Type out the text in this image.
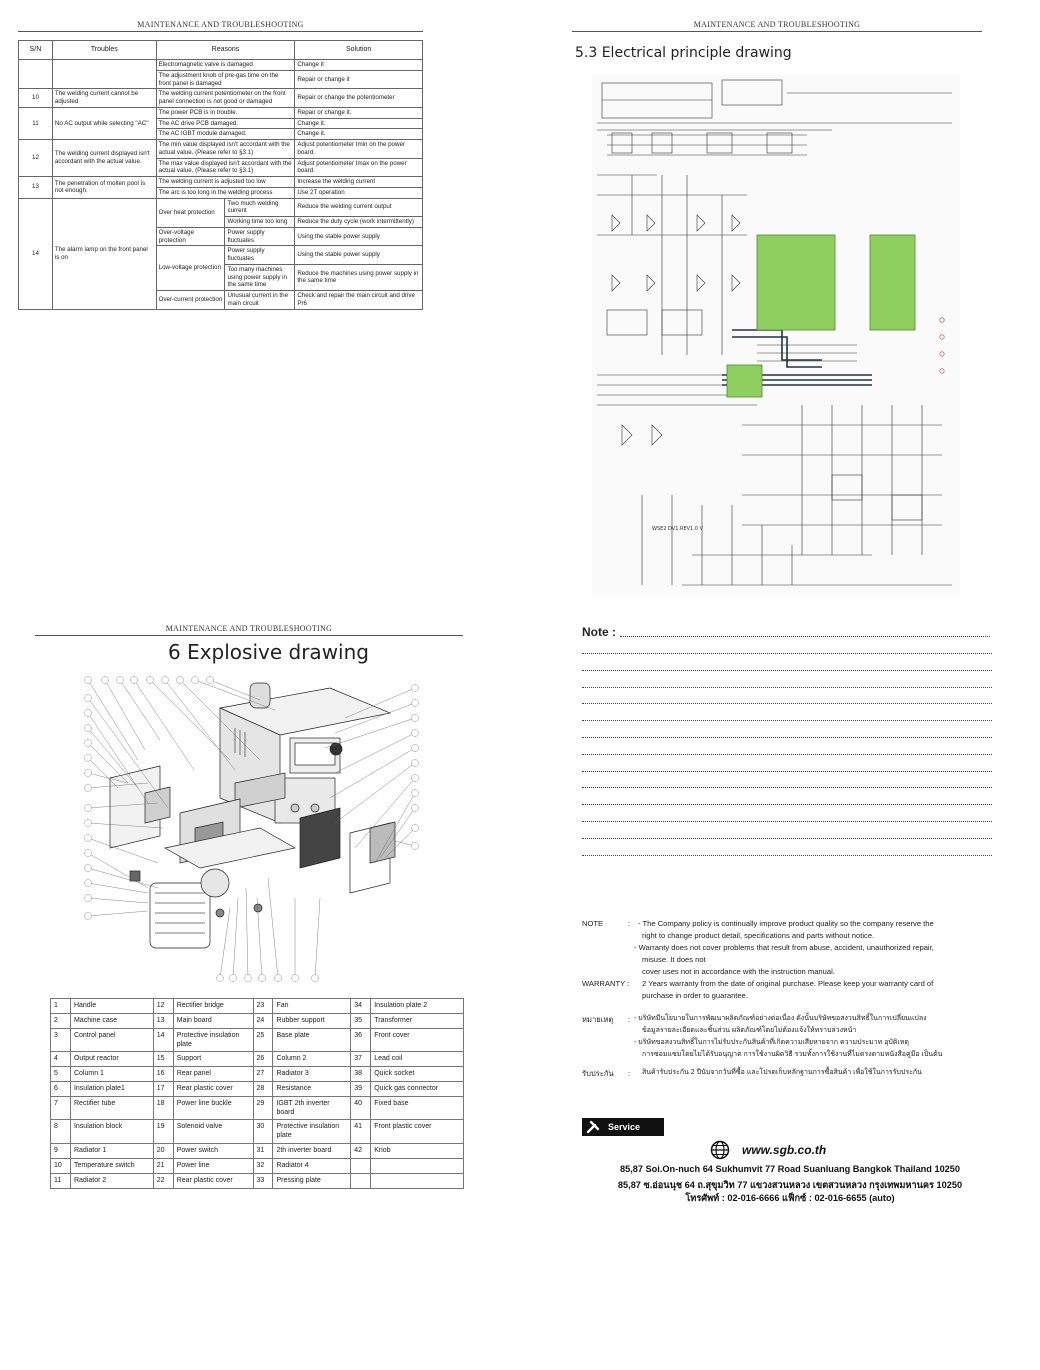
MAINTENANCE AND TROUBLESHOOTING
S/N	Troubles	Reasons		Solution
		Electromagnetic valve is damaged		Change it
		The adjustment knob of pre-gas time on the front panel is damaged		Repair or change it
10	The welding current cannot be adjusted	The welding current potentiometer on the front panel connection is not good or damaged		Repair or change the potentiometer
11	No AC output while selecting "AC"	The power PCB is in trouble.		Repair or change it.
		The AC drive PCB damaged.		Change it.
		The AC IGBT module damaged.		Change it.
12	The welding current displayed isn't accordant with the actual value.	The min value displayed isn't accordant with the actual value. (Please refer to §3.1)		Adjust potentiometer Imin on the power board.
		The max value displayed isn't accordant with the actual value. (Please refer to §3.1)		Adjust potentiometer Imax on the power board.
13	The penetration of molten pool is not enough.	The welding current is adjusted too low		Increase the welding current
		The arc is too long in the welding process		Use 2T operation
14	The alarm lamp on the front panel is on	Over heat protection	Two much welding current	Reduce the welding current output
			Working time too long	Reduce the duty cycle (work intermittently)
		Over-voltage protection	Power supply fluctuates	Using the stable power supply
		Low-voltage protection	Power supply fluctuates	Using the stable power supply
			Too many machines using power supply in the same time	Reduce the machines using power supply in the same time
		Over-current protection	Unusual current in the main circuit	Check and repair the main circuit and drive Pr6
MAINTENANCE AND TROUBLESHOOTING
5.3 Electrical principle drawing
WSE2 DV1 REV1.0 V
MAINTENANCE AND TROUBLESHOOTING
6 Explosive drawing
1	Handle	12	Rectifier bridge	23	Fan	34	Insulation plate 2
2	Machine case	13	Main board	24	Rubber support	35	Transformer
3	Control panel	14	Protective insulation plate	25	Base plate	36	Front cover
4	Output reactor	15	Support	26	Column 2	37	Lead coil
5	Column 1	16	Rear panel	27	Radiator 3	38	Quick socket
6	Insulation plate1	17	Rear plastic cover	28	Resistance	39	Quick gas connector
7	Rectifier tube	18	Power line buckle	29	IGBT 2th inverter board	40	Fixed base
8	Insulation block	19	Solenoid valve	30	Protective insulation plate	41	Front plastic cover
9	Radiator 1	20	Power switch	31	2th inverter board	42	Knob
10	Temperature switch	21	Power line	32	Radiator 4		
11	Radiator 2	22	Rear plastic cover	33	Pressing plate		
Note :
NOTE	: - The Company policy is continually improve product quality so the company reserve the
right to change product detail, specifications and parts without notice.
- Warranty does not cover problems that result from abuse, accident, unauthorized repair,
misuse. It does not
cover uses not in accordance with the instruction manual.
WARRANTY : 2 Years warranty from the date of original purchase. Please keep your warranty card of
purchase in order to guarantee.
หมายเหตุ : - บริษัทมีนโยบายในการพัฒนาผลิตภัณฑ์อย่างต่อเนื่อง ดังนั้นบริษัทขอสงวนสิทธิ์ในการเปลี่ยนแปลง
ข้อมูลรายละเอียดและชิ้นส่วน ผลิตภัณฑ์โดยไม่ต้องแจ้งให้ทราบล่วงหน้า
- บริษัทขอสงวนสิทธิ์ในการไม่รับประกันสินค้าที่เกิดความเสียหายจาก ความประมาท อุบัติเหตุ
การซ่อมแซมโดยไม่ได้รับอนุญาต การใช้งานผิดวิธี รวมทั้งการใช้งานที่ไม่ตรงตามหนังสือคู่มือ เป็นต้น
รับประกัน : สินค้ารับประกัน 2 ปีนับจากวันที่ซื้อ และโปรดเก็บหลักฐานการซื้อสินค้า เพื่อใช้ในการรับประกัน
Service
www.sgb.co.th
85,87 Soi.On-nuch 64 Sukhumvit 77 Road Suanluang Bangkok Thailand 10250
85,87 ซ.อ่อนนุช 64 ถ.สุขุมวิท 77 แขวงสวนหลวง เขตสวนหลวง กรุงเทพมหานคร 10250
โทรศัพท์ : 02-016-6666 แฟ็กซ์ : 02-016-6655 (auto)
